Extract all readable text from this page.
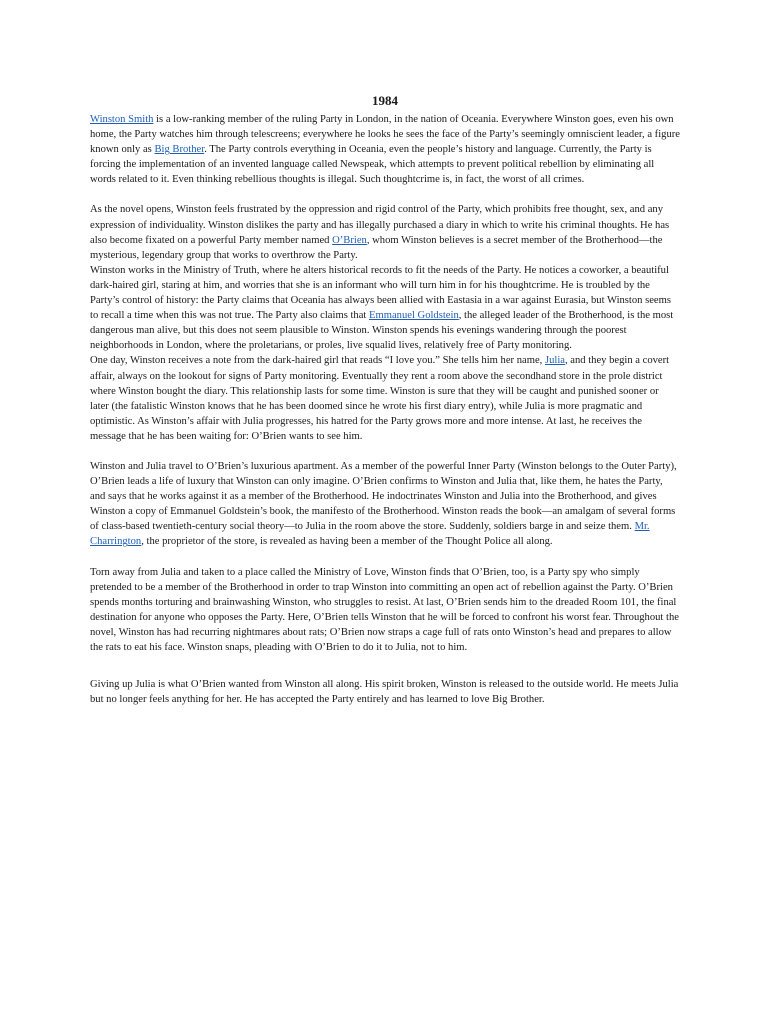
1984

Winston Smith is a low-ranking member of the ruling Party in London, in the nation of Oceania. Everywhere Winston goes, even his own home, the Party watches him through telescreens; everywhere he looks he sees the face of the Party’s seemingly omniscient leader, a figure known only as Big Brother. The Party controls everything in Oceania, even the people’s history and language. Currently, the Party is forcing the implementation of an invented language called Newspeak, which attempts to prevent political rebellion by eliminating all words related to it. Even thinking rebellious thoughts is illegal. Such thoughtcrime is, in fact, the worst of all crimes.

As the novel opens, Winston feels frustrated by the oppression and rigid control of the Party, which prohibits free thought, sex, and any expression of individuality. Winston dislikes the party and has illegally purchased a diary in which to write his criminal thoughts. He has also become fixated on a powerful Party member named O’Brien, whom Winston believes is a secret member of the Brotherhood—the mysterious, legendary group that works to overthrow the Party.

Winston works in the Ministry of Truth, where he alters historical records to fit the needs of the Party. He notices a coworker, a beautiful dark-haired girl, staring at him, and worries that she is an informant who will turn him in for his thoughtcrime. He is troubled by the Party’s control of history: the Party claims that Oceania has always been allied with Eastasia in a war against Eurasia, but Winston seems to recall a time when this was not true. The Party also claims that Emmanuel Goldstein, the alleged leader of the Brotherhood, is the most dangerous man alive, but this does not seem plausible to Winston. Winston spends his evenings wandering through the poorest neighborhoods in London, where the proletarians, or proles, live squalid lives, relatively free of Party monitoring.

One day, Winston receives a note from the dark-haired girl that reads “I love you.” She tells him her name, Julia, and they begin a covert affair, always on the lookout for signs of Party monitoring. Eventually they rent a room above the secondhand store in the prole district where Winston bought the diary. This relationship lasts for some time. Winston is sure that they will be caught and punished sooner or later (the fatalistic Winston knows that he has been doomed since he wrote his first diary entry), while Julia is more pragmatic and optimistic. As Winston’s affair with Julia progresses, his hatred for the Party grows more and more intense. At last, he receives the message that he has been waiting for: O’Brien wants to see him.

Winston and Julia travel to O’Brien’s luxurious apartment. As a member of the powerful Inner Party (Winston belongs to the Outer Party), O’Brien leads a life of luxury that Winston can only imagine. O’Brien confirms to Winston and Julia that, like them, he hates the Party, and says that he works against it as a member of the Brotherhood. He indoctrinates Winston and Julia into the Brotherhood, and gives Winston a copy of Emmanuel Goldstein’s book, the manifesto of the Brotherhood. Winston reads the book—an amalgam of several forms of class-based twentieth-century social theory—to Julia in the room above the store. Suddenly, soldiers barge in and seize them. Mr. Charrington, the proprietor of the store, is revealed as having been a member of the Thought Police all along.

Torn away from Julia and taken to a place called the Ministry of Love, Winston finds that O’Brien, too, is a Party spy who simply pretended to be a member of the Brotherhood in order to trap Winston into committing an open act of rebellion against the Party. O’Brien spends months torturing and brainwashing Winston, who struggles to resist. At last, O’Brien sends him to the dreaded Room 101, the final destination for anyone who opposes the Party. Here, O’Brien tells Winston that he will be forced to confront his worst fear. Throughout the novel, Winston has had recurring nightmares about rats; O’Brien now straps a cage full of rats onto Winston’s head and prepares to allow the rats to eat his face. Winston snaps, pleading with O’Brien to do it to Julia, not to him.

Giving up Julia is what O’Brien wanted from Winston all along. His spirit broken, Winston is released to the outside world. He meets Julia but no longer feels anything for her. He has accepted the Party entirely and has learned to love Big Brother.
